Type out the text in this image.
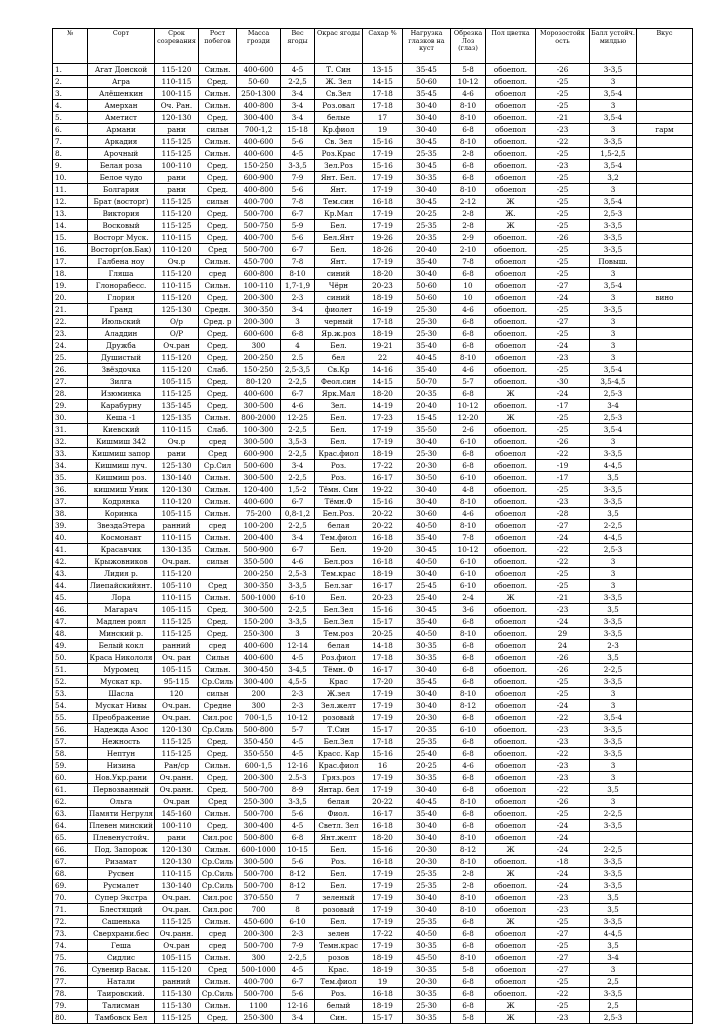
№	Сорт	Срок созревания	Рост побегов	Масса грозди	Вес ягоды	Окрас ягоды	Сахар %	Нагрузка глазков на куст	Обрезка Лоз (глаз)	Пол цветка	Морозостойк ость	Балл устойч. милдью	Вкус
1.	Агат Донской	115-120	Сильн.	400-600	4-5	Т. Син	13-15	35-45	5-8	обоепол.	-26	3-3,5	
2.	Агра	110-115	Сред.	50-60	2-2,5	Ж. Зел	14-15	50-60	10-12	обоепол.	-25	3	
3.	Алёшенкин	100-115	Сильн.	250-1300	3-4	Св.Зел	17-18	35-45	4-6	обоепол	-25	3,5-4	
4.	Амерхан	Оч. Ран.	Сильн.	400-800	3-4	Роз.овал	17-18	30-40	8-10	обоепол	-25	3	
5.	Аметист	120-130	Сред.	300-400	3-4	белые	17	30-40	8-10	обоепол.	-21	3,5-4	
6.	Армани	рани	сильн	700-1,2	15-18	Кр.фиол	19	30-40	6-8	обоепол	-23	3	гарм
7.	Аркадия	115-125	Сильн.	400-600	5-6	Св. Зел	15-16	30-45	8-10	обоепол.	-22	3-3,5	
8.	Арочный	115-125	Сильн.	400-600	4-5	Роз.Крас	17-19	25-35	2-8	обоепол.	-25	1,5-2,5	
9.	Белая роза	100-110	Сред.	150-250	3-3,5	Зел.Роз	15-16	30-45	6-8	обоепол.	-23	3,5-4	
10.	Белое чудо	рани	Сред.	600-900	7-9	Янт. Бел.	17-19	30-35	6-8	обоепол	-25	3,2	
11.	Болгария	рани	Сред.	400-800	5-6	Янт.	17-19	30-40	8-10	обоепол	-25	3	
12.	Брат (восторг)	115-125	сильн	400-700	7-8	Тем.син	16-18	30-45	2-12	Ж	-25	3,5-4	
13.	Виктория	115-120	Сред.	500-700	6-7	Кр.Мал	17-19	20-25	2-8	Ж.	-25	2,5-3	
14.	Восковый	115-125	Сред.	500-750	5-9	Бел.	17-19	25-35	2-8	Ж	-25	3-3,5	
15.	Восторг Муск.	110-115	Сред.	400-700	5-6	Бел.Янт	19-26	20-35	2-9	обоепол.	-26	3-3,5	
16.	Восторг(ов.Бак)	110-120	Сред	500-700	6-7	Бел.	18-26	20-40	2-10	обоепол.	-25	3-3,5	
17.	Галбена ноу	Оч.р	Сильн.	450-700	7-8	Янт.	17-19	35-40	7-8	обоепол	-25	Повыш.	
18.	Гляша	115-120	сред	600-800	8-10	синий	18-20	30-40	6-8	обоепол	-25	3	
19.	Глонорабесс.	110-115	Сильн.	100-110	1,7-1,9	Чёрн	20-23	50-60	10	обоепол	-27	3,5-4	
20.	Глория	115-120	Сред.	200-300	2-3	синий	18-19	50-60	10	обоепол	-24	3	вино
21.	Гранд	125-130	Средн.	300-350	3-4	фиолет	16-19	25-30	4-6	обоепол.	-25	3-3,5	
22.	Июльский	О/р	Сред. р	200-300	3	черный	17-18	25-30	6-8	обоепол.	-27	3	
23.	Аладдин	О/Р	Сред.	600-600	6-8	Яр.ж.роз	18-19	25-30	6-8	обоепол.	-25	3	
24.	Дружба	Оч.ран	Сред.	300	4	Бел.	19-21	35-40	6-8	обоепол	-24	3	
25.	Душистый	115-120	Сред.	200-250	2.5	бел	22	40-45	8-10	обоепол	-23	3	
26.	Звёздочка	115-120	Слаб.	150-250	2,5-3,5	Св.Кр	14-16	35-40	4-6	обоепол.	-25	3,5-4	
27.	Зилга	105-115	Сред.	80-120	2-2,5	Феол.син	14-15	50-70	5-7	обоепол.	-30	3,5-4,5	
28.	Изюминка	115-125	Сред.	400-600	6-7	Ярк.Мал	18-20	20-35	6-8	Ж	-24	2,5-3	
29.	Карабурну	135-145	Сред.	300-500	4-6	Зел.	14-19	20-40	10-12	обоепол.	-17	3-4	
30.	Кеша -1	125-135	Сильн.	800-2000	12-25	Бел.	17-23	15-45	12-20	Ж	-25	2,5-3	
31.	Киевский	110-115	Слаб.	100-300	2-2,5	Бел.	17-19	35-50	2-6	обоепол.	-25	3,5-4	
32.	Кишмиш 342	Оч.р	сред	300-500	3,5-3	Бел.	17-19	30-40	6-10	обоепол.	-26	3	
33.	Кишмиш запор	рани	Сред	600-900	2-2,5	Крас.фиол	18-19	25-30	6-8	обоепол	-22	3-3,5	
34.	Кишмиш луч.	125-130	Ср.Сил	500-600	3-4	Роз.	17-22	20-30	6-8	обоепол.	-19	4-4,5	
35.	Кишмиш роз.	130-140	Сильн.	300-500	2-2,5	Роз.	16-17	30-50	6-10	обоепол.	-17	3,5	
36.	кишмиш Уник	120-130	Сильн.	120-400	1,5-2	Тёмн. Син	19-22	30-40	4-8	обоепол.	-25	3-3,5	
37.	Кодрянка	110-120	Сильн.	400-600	6-7	Тёмн.Ф	15-16	30-40	8-10	обоепол.	-23	3-3,5	
38.	Коринка	105-115	Сильн.	75-200	0,8-1,2	Бел.Роз.	20-22	30-60	4-6	обоепол	-28	3,5	
39.	ЗвездаЭтера	ранний	сред	100-200	2-2,5	белая	20-22	40-50	8-10	обоепол	-27	2-2,5	
40.	Космонавт	110-115	Сильн.	200-400	3-4	Тем.фиол	16-18	35-40	7-8	обоепол	-24	4-4,5	
41.	Красавчик	130-135	Сильн.	500-900	6-7	Бел.	19-20	30-45	10-12	обоепол.	-22	2,5-3	
42.	Крыжовников	Оч.ран.	сильн	350-500	4-6	Бел.роз	16-18	40-50	6-10	обоепол.	-22	3	
43.	Лидия р.	115-120		200-250	2,5-3	Тем.крас	18-19	30-40	6-10	обоепол	-25	3	
44.	Лиепайскийянт.	105-110	Сред	300-350	3-3,5	Бел.заг	16-17	25-45	6-10	обоепол.	-25	3	
45.	Лора	110-115	Сильн.	500-1000	6-10	Бел.	20-23	25-40	2-4	Ж	-21	3-3,5	
46.	Магарач	105-115	Сред.	300-500	2-2,5	Бел.Зел	15-16	30-45	3-6	обоепол.	-23	3,5	
47.	Мадлен роял	115-125	Сред.	150-200	3-3,5	Бел.Зел	15-17	35-40	6-8	обоепол	-24	3-3,5	
48.	Минский р.	115-125	Сред.	250-300	3	Тем.роз	20-25	40-50	8-10	обоепол.	29	3-3,5	
49.	Белый кокл	ранний	сред	400-600	12-14	белая	14-18	30-35	6-8	обоепол	24	2-3	
50.	Краса Никололя	Оч. ран	Сильн	400-600	4-5	Роз.фиол	17-18	30-35	6-8	обоепол	-26	3,5	
51.	Муромец	105-115	Сильн.	300-450	3-4,5	Тёмн. Ф	16-17	30-40	6-8	обоепол.	-26	2-2,5	
52.	Мускат кр.	95-115	Ср.Силь	300-400	4,5-5	Крас	17-20	35-45	6-8	обоепол.	-25	3-3,5	
53.	Шасла	120	сильн	200	2-3	Ж.зел	17-19	30-40	8-10	обоепол	-25	3	
54.	Мускат Нивы	Оч.ран.	Средне	300	2-3	Зел.желт	17-19	30-40	8-12	обоепол	-24	3	
55.	Преображение	Оч.ран.	Сил.рос	700-1,5	10-12	розовый	17-19	20-30	6-8	обоепол	-22	3,5-4	
56.	Надежда Азос	120-130	Ср.Силь	500-800	5-7	Т.Син	15-17	20-35	6-10	обоепол.	-23	3-3,5	
57.	Нежность	115-125	Сред.	350-450	4-5	Бел.Зел	17-18	25-35	6-8	обоепол.	-23	3-3,5	
58.	Нептун	115-125	Сред.	350-550	4-5	Красс. Кар	15-16	25-40	6-8	обоепол.	-22	3-3,5	
59.	Низина	Ран/ср	Сильн.	600-1,5	12-16	Крас.фиол	16	20-25	4-6	обоепол	-23	3	
60.	Нов.Укр.рани	Оч.ранн.	Сред.	200-300	2.5-3	Гряз.роз	17-19	30-35	6-8	обоепол	-23	3	
61.	Первозванный	Оч.ранн.	Сред.	500-700	8-9	Янтар. бел	17-19	30-40	6-8	обоепол	-22	3,5	
62.	Ольга	Оч.ран	Сред	250-300	3-3,5	белая	20-22	40-45	8-10	обоепол	-26	3	
63.	Памяти Негруля	145-160	Сильн.	500-700	5-6	Фиол.	16-17	35-40	6-8	обоепол.	-25	2-2,5	
64.	Плевен минский	100-110	Сред.	300-400	4-5	Светл. Зел	16-18	30-40	6-8	обоепол	-24	3-3,5	
65.	Плевенустойч.	рани	Сил.рос	500-800	6-8	Янт.желт	18-20	30-40	8-10	обоепол	-24		
66.	Под. Запорож	120-130	Сильн.	600-1000	10-15	Бел.	15-16	20-30	8-12	Ж	-24	2-2,5	
67.	Ризамат	120-130	Ср.Силь	300-500	5-6	Роз.	16-18	20-30	8-10	обоепол.	-18	3-3,5	
68.	Русвен	110-115	Ср.Силь	500-700	8-12	Бел.	17-19	25-35	2-8	Ж	-24	3-3,5	
69.	Русмалет	130-140	Ср.Силь	500-700	8-12	Бел.	17-19	25-35	2-8	обоепол.	-24	3-3,5	
70.	Супер Экстра	Оч.ран.	Сил.рос	370-550	7	зеленый	17-19	30-40	8-10	обоепол	-23	3,5	
71.	Блестящий	Оч.ран.	Сил.рос	700	8	розовый	17-19	30-40	8-10	обоепол	-23	3,5	
72.	Сашенька	115-125	Сильн.	450-600	6-10	Бел.	17-19	25-35	6-8	Ж	-25	3-3,5	
73.	Сверхрани.бес	Оч.ранн.	сред	200-300	2-3	зелен	17-22	40-50	6-8	обоепол	-27	4-4,5	
74.	Геша	Оч.ран	сред	500-700	7-9	Темн.крас	17-19	30-35	6-8	обоепол	-25	3,5	
75.	Сидлис	105-115	Сильн.	300	2-2,5	розов	18-19	45-50	8-10	обоепол	-27	3-4	
76.	Сувенир Васьк.	115-120	Сред	500-1000	4-5	Крас.	18-19	30-35	5-8	обоепол	-27	3	
77.	Натали	ранний	Сильн.	400-700	6-7	Тем.фиол	19	20-30	6-8	обоепол	-25	2,5	
78.	Таировский.	115-130	Ср.Силь	500-700	5-6	Роз.	16-18	30-35	6-8	обоепол.	-22	3-3,5	
79.	Талисман	115-130	Сильн.	1100	12-16	белый	18-19	25-30	6-8	Ж	-25	2,5	
80.	Тамбовск Бел	115-125	Сред.	250-300	3-4	Син.	15-17	30-35	5-8	Ж	-23	2,5-3	
